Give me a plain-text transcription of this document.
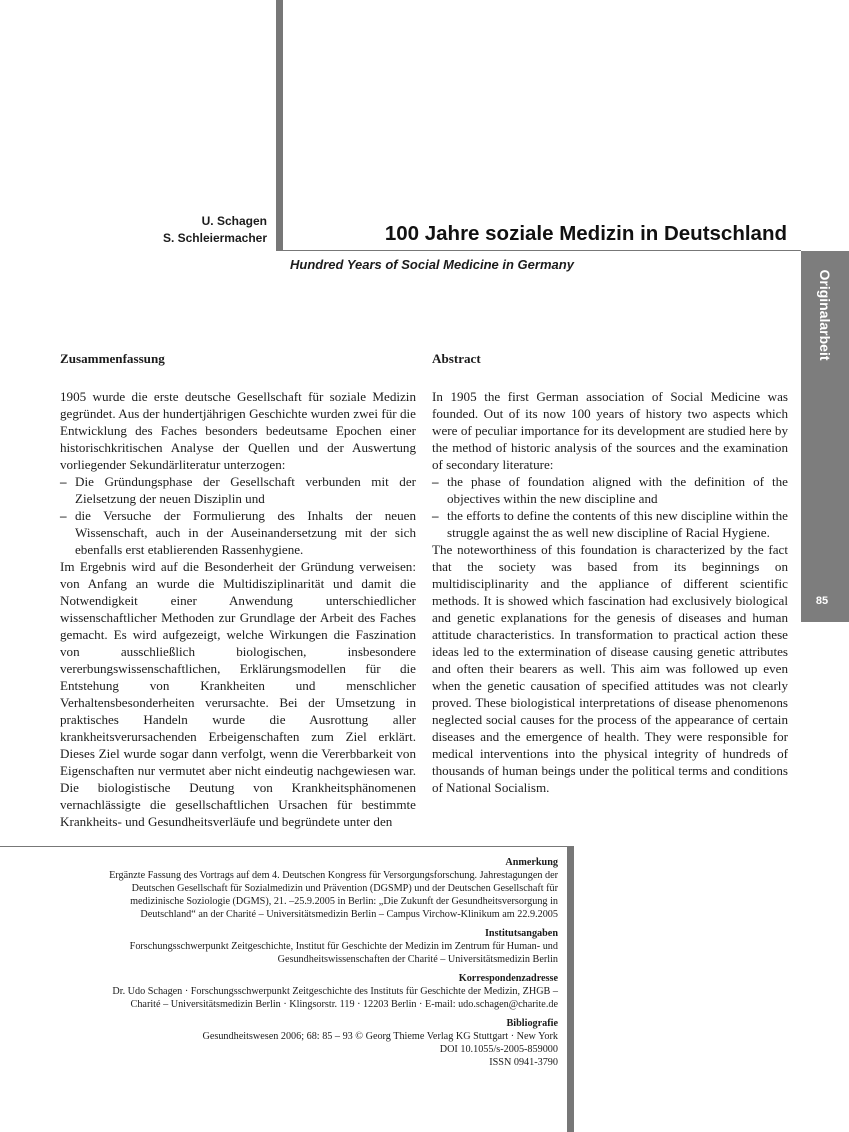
U. Schagen
S. Schleiermacher	100 Jahre soziale Medizin in Deutschland
Hundred Years of Social Medicine in Germany
Originalarbeit
85
Zusammenfassung

1905 wurde die erste deutsche Gesellschaft für soziale Medizin gegründet. Aus der hundertjährigen Geschichte wurden zwei für die Entwicklung des Faches besonders bedeutsame Epochen einer historischkritischen Analyse der Quellen und der Auswertung vorliegender Sekundärliteratur unterzogen:

– Die Gründungsphase der Gesellschaft verbunden mit der Zielsetzung der neuen Disziplin und
– die Versuche der Formulierung des Inhalts der neuen Wissenschaft, auch in der Auseinandersetzung mit der sich ebenfalls erst etablierenden Rassenhygiene.

Im Ergebnis wird auf die Besonderheit der Gründung verweisen: von Anfang an wurde die Multidisziplinarität und damit die Notwendigkeit einer Anwendung unterschiedlicher wissenschaftlicher Methoden zur Grundlage der Arbeit des Faches gemacht. Es wird aufgezeigt, welche Wirkungen die Faszination von ausschließlich biologischen, insbesondere vererbungswissenschaftlichen, Erklärungsmodellen für die Entstehung von Krankheiten und menschlicher Verhaltensbesonderheiten verursachte. Bei der Umsetzung in praktisches Handeln wurde die Ausrottung aller krankheitsverursachenden Erbeigenschaften zum Ziel erklärt. Dieses Ziel wurde sogar dann verfolgt, wenn die Vererbbarkeit von Eigenschaften nur vermutet aber nicht eindeutig nachgewiesen war. Die biologistische Deutung von Krankheitsphänomenen vernachlässigte die gesellschaftlichen Ursachen für bestimmte Krankheits- und Gesundheitsverläufe und begründete unter den

Abstract

In 1905 the first German association of Social Medicine was founded. Out of its now 100 years of history two aspects which were of peculiar importance for its development are studied here by the method of historic analysis of the sources and the examination of secondary literature:

– the phase of foundation aligned with the definition of the objectives within the new discipline and
– the efforts to define the contents of this new discipline within the struggle against the as well new discipline of Racial Hygiene.

The noteworthiness of this foundation is characterized by the fact that the society was based from its beginnings on multidisciplinarity and the appliance of different scientific methods. It is showed which fascination had exclusively biological and genetic explanations for the genesis of diseases and human attitude characteristics. In transformation to practical action these ideas led to the extermination of disease causing genetic attributes and often their bearers as well. This aim was followed up even when the genetic causation of specified attitudes was not clearly proved. These biologistical interpretations of disease phenomenons neglected social causes for the process of the appearance of certain diseases and the emergence of health. They were responsible for medical interventions into the physical integrity of hundreds of thousands of human beings under the political terms and conditions of National Socialism.

Anmerkung
Ergänzte Fassung des Vortrags auf dem 4. Deutschen Kongress für Versorgungsforschung. Jahrestagungen der
Deutschen Gesellschaft für Sozialmedizin und Prävention (DGSMP) und der Deutschen Gesellschaft für
medizinische Soziologie (DGMS), 21. –25.9.2005 in Berlin: „Die Zukunft der Gesundheitsversorgung in
Deutschland“ an der Charité – Universitätsmedizin Berlin – Campus Virchow-Klinikum am 22.9.2005
Institutsangaben
Forschungsschwerpunkt Zeitgeschichte, Institut für Geschichte der Medizin im Zentrum für Human- und
Gesundheitswissenschaften der Charité – Universitätsmedizin Berlin
Korrespondenzadresse
Dr. Udo Schagen · Forschungsschwerpunkt Zeitgeschichte des Instituts für Geschichte der Medizin, ZHGB –
Charité – Universitätsmedizin Berlin · Klingsorstr. 119 · 12203 Berlin · E-mail: udo.schagen@charite.de
Bibliografie
Gesundheitswesen 2006; 68: 85 – 93 © Georg Thieme Verlag KG Stuttgart · New York
DOI 10.1055/s-2005-859000
ISSN 0941-3790
